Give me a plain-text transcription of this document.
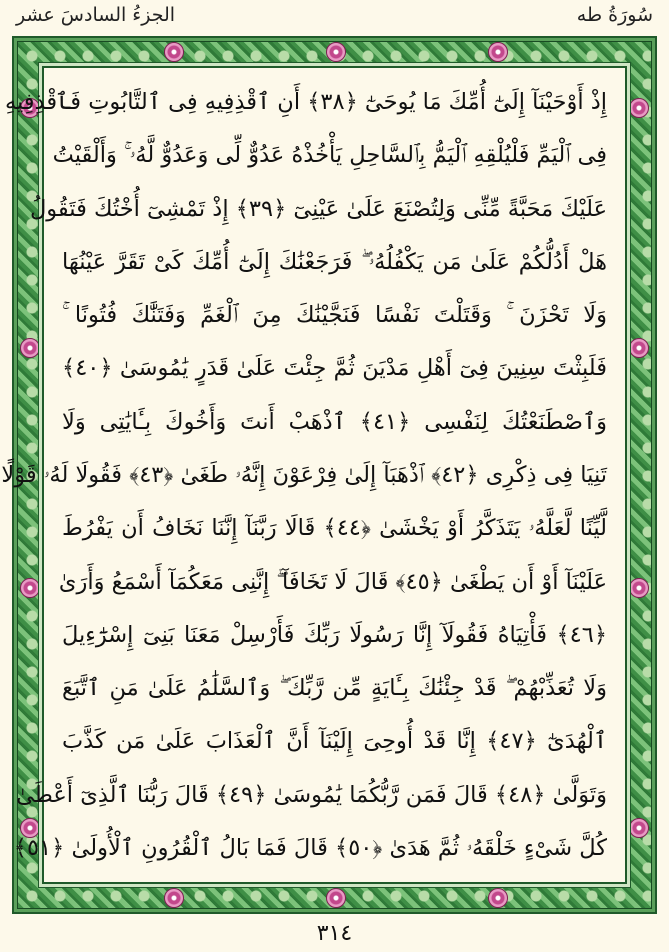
الجزءُ السادسَ عشر	سُورَةُ طه
إِذْ أَوْحَيْنَآ إِلَىٰٓ أُمِّكَ مَا يُوحَىٰٓ ﴿٣٨﴾ أَنِ ٱقْذِفِيهِ فِى ٱلتَّابُوتِ فَٱقْذِفِيهِ
فِى ٱلْيَمِّ فَلْيُلْقِهِ ٱلْيَمُّ بِٱلسَّاحِلِ يَأْخُذْهُ عَدُوٌّ لِّى وَعَدُوٌّ لَّهُۥ ۚ وَأَلْقَيْتُ
عَلَيْكَ مَحَبَّةً مِّنِّى وَلِتُصْنَعَ عَلَىٰ عَيْنِىٓ ﴿٣٩﴾ إِذْ تَمْشِىٓ أُخْتُكَ فَتَقُولُ
هَلْ أَدُلُّكُمْ عَلَىٰ مَن يَكْفُلُهُۥ ۖ فَرَجَعْنَٰكَ إِلَىٰٓ أُمِّكَ كَىْ تَقَرَّ عَيْنُهَا
وَلَا تَحْزَنَ ۚ وَقَتَلْتَ نَفْسًا فَنَجَّيْنَٰكَ مِنَ ٱلْغَمِّ وَفَتَنَّٰكَ فُتُونًا ۚ
فَلَبِثْتَ سِنِينَ فِىٓ أَهْلِ مَدْيَنَ ثُمَّ جِئْتَ عَلَىٰ قَدَرٍ يَٰمُوسَىٰ ﴿٤٠﴾
وَٱصْطَنَعْتُكَ لِنَفْسِى ﴿٤١﴾ ٱذْهَبْ أَنتَ وَأَخُوكَ بِـَٔايَٰتِى وَلَا
تَنِيَا فِى ذِكْرِى ﴿٤٢﴾ ٱذْهَبَآ إِلَىٰ فِرْعَوْنَ إِنَّهُۥ طَغَىٰ ﴿٤٣﴾ فَقُولَا لَهُۥ قَوْلًا
لَّيِّنًا لَّعَلَّهُۥ يَتَذَكَّرُ أَوْ يَخْشَىٰ ﴿٤٤﴾ قَالَا رَبَّنَآ إِنَّنَا نَخَافُ أَن يَفْرُطَ
عَلَيْنَآ أَوْ أَن يَطْغَىٰ ﴿٤٥﴾ قَالَ لَا تَخَافَآ ۖ إِنَّنِى مَعَكُمَآ أَسْمَعُ وَأَرَىٰ
﴿٤٦﴾ فَأْتِيَاهُ فَقُولَآ إِنَّا رَسُولَا رَبِّكَ فَأَرْسِلْ مَعَنَا بَنِىٓ إِسْرَٰٓءِيلَ
وَلَا تُعَذِّبْهُمْ ۖ قَدْ جِئْنَٰكَ بِـَٔايَةٍ مِّن رَّبِّكَ ۖ وَٱلسَّلَٰمُ عَلَىٰ مَنِ ٱتَّبَعَ
ٱلْهُدَىٰٓ ﴿٤٧﴾ إِنَّا قَدْ أُوحِىَ إِلَيْنَآ أَنَّ ٱلْعَذَابَ عَلَىٰ مَن كَذَّبَ
وَتَوَلَّىٰ ﴿٤٨﴾ قَالَ فَمَن رَّبُّكُمَا يَٰمُوسَىٰ ﴿٤٩﴾ قَالَ رَبُّنَا ٱلَّذِىٓ أَعْطَىٰ
كُلَّ شَىْءٍ خَلْقَهُۥ ثُمَّ هَدَىٰ ﴿٥٠﴾ قَالَ فَمَا بَالُ ٱلْقُرُونِ ٱلْأُولَىٰ ﴿٥١﴾
٣١٤
